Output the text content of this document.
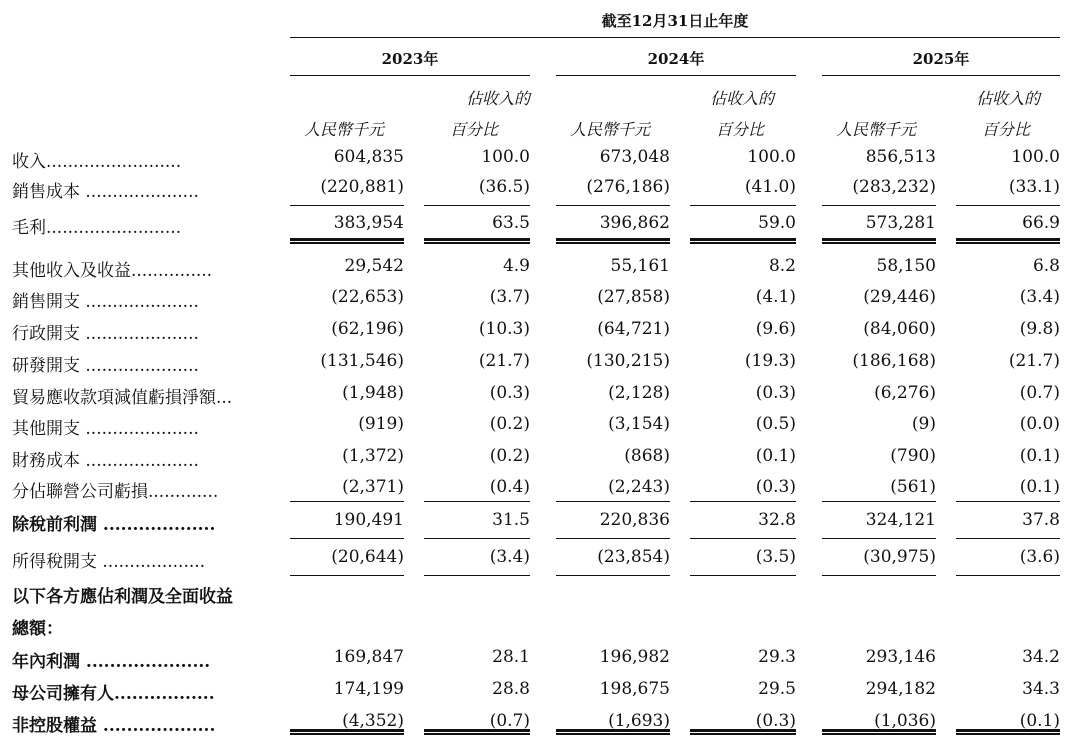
截至12月31日止年度
2023年	2024年	2025年
佔收入的
人民幣千元	百分比
佔收入的
人民幣千元	百分比
佔收入的
人民幣千元	百分比
收入.........................	604,835	100.0	673,048	100.0	856,513	100.0
銷售成本 .....................	(220,881)	(36.5)	(276,186)	(41.0)	(283,232)	(33.1)
毛利.........................	383,954	63.5	396,862	59.0	573,281	66.9
其他收入及收益...............	29,542	4.9	55,161	8.2	58,150	6.8
銷售開支 .....................	(22,653)	(3.7)	(27,858)	(4.1)	(29,446)	(3.4)
行政開支 .....................	(62,196)	(10.3)	(64,721)	(9.6)	(84,060)	(9.8)
研發開支 .....................	(131,546)	(21.7)	(130,215)	(19.3)	(186,168)	(21.7)
貿易應收款項減值虧損淨額...	(1,948)	(0.3)	(2,128)	(0.3)	(6,276)	(0.7)
其他開支 .....................	(919)	(0.2)	(3,154)	(0.5)	(9)	(0.0)
財務成本 .....................	(1,372)	(0.2)	(868)	(0.1)	(790)	(0.1)
分佔聯營公司虧損.............	(2,371)	(0.4)	(2,243)	(0.3)	(561)	(0.1)
除稅前利潤 ...................	190,491	31.5	220,836	32.8	324,121	37.8
所得稅開支 ...................	(20,644)	(3.4)	(23,854)	(3.5)	(30,975)	(3.6)
以下各方應佔利潤及全面收益
總額：
年內利潤 .....................	169,847	28.1	196,982	29.3	293,146	34.2
母公司擁有人.................	174,199	28.8	198,675	29.5	294,182	34.3
非控股權益 ...................	(4,352)	(0.7)	(1,693)	(0.3)	(1,036)	(0.1)
